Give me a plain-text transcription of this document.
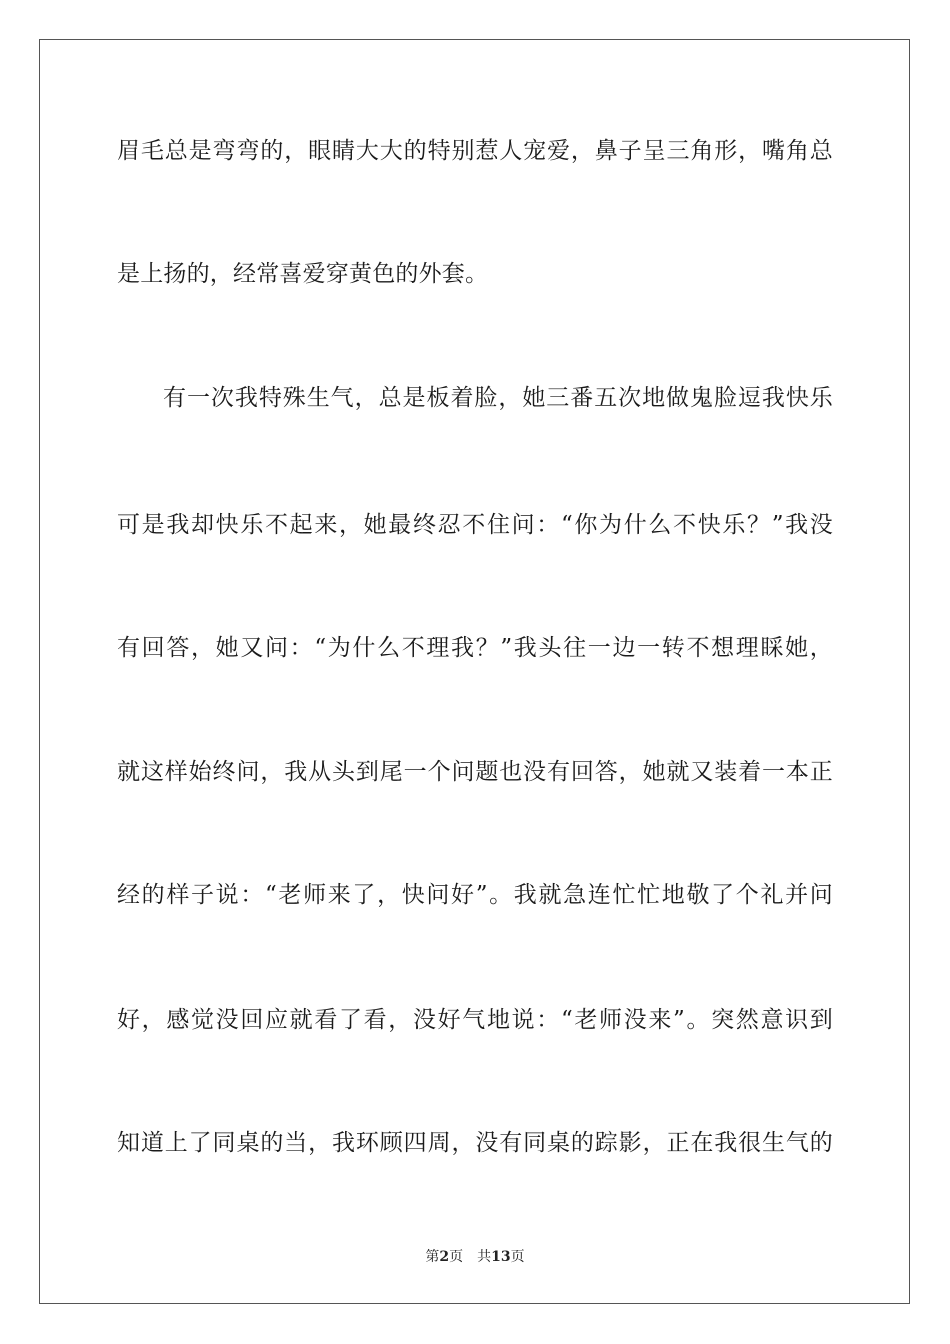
眉毛总是弯弯的，眼睛大大的特别惹人宠爱，鼻子呈三角形，嘴角总
是上扬的，经常喜爱穿黄色的外套。
有一次我特殊生气，总是板着脸，她三番五次地做鬼脸逗我快乐
可是我却快乐不起来，她最终忍不住问：“你为什么不快乐？”我没
有回答，她又问：“为什么不理我？”我头往一边一转不想理睬她，
就这样始终问，我从头到尾一个问题也没有回答，她就又装着一本正
经的样子说：“老师来了，快问好”。我就急连忙忙地敬了个礼并问
好，感觉没回应就看了看，没好气地说：“老师没来”。突然意识到
知道上了同桌的当，我环顾四周，没有同桌的踪影，正在我很生气的
第2页 共13页
